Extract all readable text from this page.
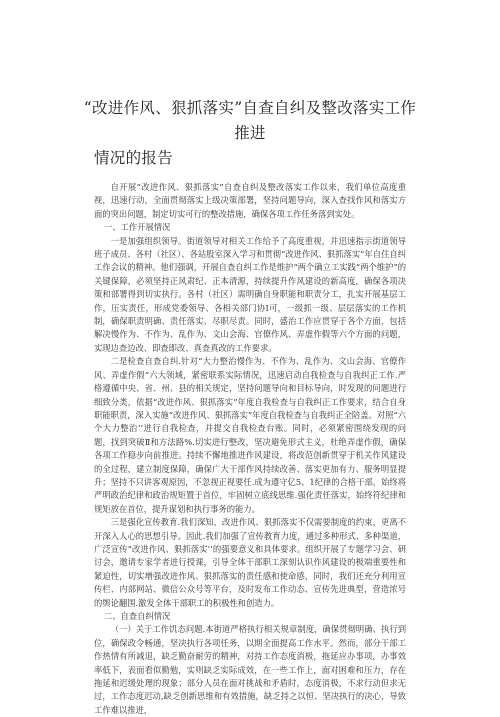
“改进作风、狠抓落实”自查自纠及整改落实工作推进
情况的报告

自开展“改进作风、狠抓落实”自查自纠及整改落实工作以来，我们单位高度重视，迅速行动，全面贯彻落实上级决策部署，坚持问题导向，深入查找作风和落实方面的突出问题，制定切实可行的整改措施，确保各项工作任务落到实处。

一、工作开展情况

一是加强组织领导。街道领导对相关工作给予了高度重视，并迅速指示街道领导班子成员、各村（社区）、各站股室深入学习和贯彻“改进作风、狠抓落实”年自住自纠工作会议的精神。他们强调，开展自查自纠工作是维护“两个确立工实践“两个维护”的关键保障，必须坚持正风肃纪、正本清源，持续提升作风建设的新高度，确保各项决策和部署得到切实执行。各村（社区）需明确自身职能和职责分工，扎实开展基层工作，压实责任，形成党委领导、各相关部门协Ⅰ可，一级抓一级、层层落实的工作机制，确保职责明确、责任落实、尽职尽责。同时，盛治工作应贯穿于各个方面，包括解决慢作为、不作为、乱作为、文山会海、官僚作风、弄虚作假等六个方面的问题，实现边查边改、即查即改、真查真改的工作要求。

二是检查自查自纠.针对“大力整治慢作为、不作为、乱作为、文山会海、官僚作风、弄虚作假”六大领域，紧密联系实际情况，迅速启动自我检查与自我纠正工作.严格遵循中央、省、州、县的相关规定，坚持问题导向和目标导向，时发现的问题进行细致分类，依据“改进作风、狠抓落实”年度自我检查与自我纠正工作要求，结合自身职能职责，深入实施“改进作风、狠抓落实”年度自我检查与自我纠正全陪盖。对照“六个大力整治’’进行自我检查，并提交自我检查台账。同时，必须紧密围绕发现的问题，找到突破Ⅱ和方法路%.切实进行整改，坚决避免形式主义，杜绝弄虚作假，确保各项工作稳步向前推进。持续不懈地推进作风建设，将改范创新贯穿于机关作风建设的全过程，建立制度保障，确保广大干部作风持续改善、落实更加有力、服务明显提升；坚持不只讲客观原因，不忽视正视要任.成为遵守亿5、1纪律的合格干部，始终将严明政治纪律和政治规矩置于首位，牢固树立底线思维.强化责任落实，始终符纪律和规矩放在首位，提升谋划和执行事务的能力。

三是强化宣传教育.我们深知，改进作风、狠抓落实不仅需要制度的约束，更离不开深入人心的思想引导。因此.我们加强了宣传教育力度，通过多种形式、多种渠道，广泛宣传“改进作风、狠抓落实’’的强要意义和具体要求。组织开展了专题学习会、研讨会，邀请专家学者进行授课，引导全体干部职工深刻认识作风建设的极端重要性和紧迫性，切实增强改进作风、狠抓落实的责任感和使命感，同时，我们还充分利用宣传栏、内部网站、微信公众号等平台，及时发布工作动态、宣传先进典型，营造浓号的舆论翻围.激发全体干部职工的积极性和创造力。

二、自查自纠情况

（一）关于工作饥态问题.本街道严格执行相关规章制度，确保贯彻明确、执行到位，确保政令畅通，坚决执行各项任务，以期全面提高工作水平。然而，部分干部工作热情有所减退，缺乏勤奋耐劳的精神，对持工作态度消极，拖延应办事项，办事效率低下，表面看似勤勉，实则缺乏实际成效，在一些工作上，面对困难和压力，存在拖延和迟缓处理的现象；部分人员在面对挑战和矛盾时，态度消极，不求行动但求无过，工作态度迟动,缺乏创新思维和有效措施，缺乏持之以恒、坚决执行的决心，导致工作难以推进，
